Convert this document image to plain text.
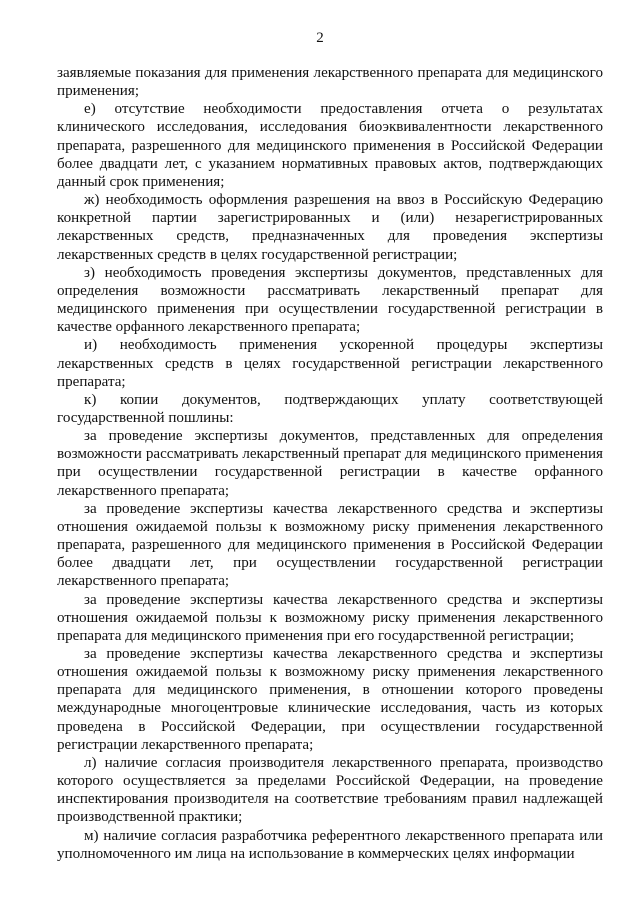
2

заявляемые показания для применения лекарственного препарата для медицинского применения;

е) отсутствие необходимости предоставления отчета о результатах клинического исследования, исследования биоэквивалентности лекарственного препарата, разрешенного для медицинского применения в Российской Федерации более двадцати лет, с указанием нормативных правовых актов, подтверждающих данный срок применения;

ж) необходимость оформления разрешения на ввоз в Российскую Федерацию конкретной партии зарегистрированных и (или) незарегистрированных лекарственных средств, предназначенных для проведения экспертизы лекарственных средств в целях государственной регистрации;

з) необходимость проведения экспертизы документов, представленных для определения возможности рассматривать лекарственный препарат для медицинского применения при осуществлении государственной регистрации в качестве орфанного лекарственного препарата;

и) необходимость применения ускоренной процедуры экспертизы лекарственных средств в целях государственной регистрации лекарственного препарата;

к) копии документов, подтверждающих уплату соответствующей государственной пошлины:

за проведение экспертизы документов, представленных для определения возможности рассматривать лекарственный препарат для медицинского применения при осуществлении государственной регистрации в качестве орфанного лекарственного препарата;

за проведение экспертизы качества лекарственного средства и экспертизы отношения ожидаемой пользы к возможному риску применения лекарственного препарата, разрешенного для медицинского применения в Российской Федерации более двадцати лет, при осуществлении государственной регистрации лекарственного препарата;

за проведение экспертизы качества лекарственного средства и экспертизы отношения ожидаемой пользы к возможному риску применения лекарственного препарата для медицинского применения при его государственной регистрации;

за проведение экспертизы качества лекарственного средства и экспертизы отношения ожидаемой пользы к возможному риску применения лекарственного препарата для медицинского применения, в отношении которого проведены международные многоцентровые клинические исследования, часть из которых проведена в Российской Федерации, при осуществлении государственной регистрации лекарственного препарата;

л) наличие согласия производителя лекарственного препарата, производство которого осуществляется за пределами Российской Федерации, на проведение инспектирования производителя на соответствие требованиям правил надлежащей производственной практики;

м) наличие согласия разработчика референтного лекарственного препарата или уполномоченного им лица на использование в коммерческих целях информации
